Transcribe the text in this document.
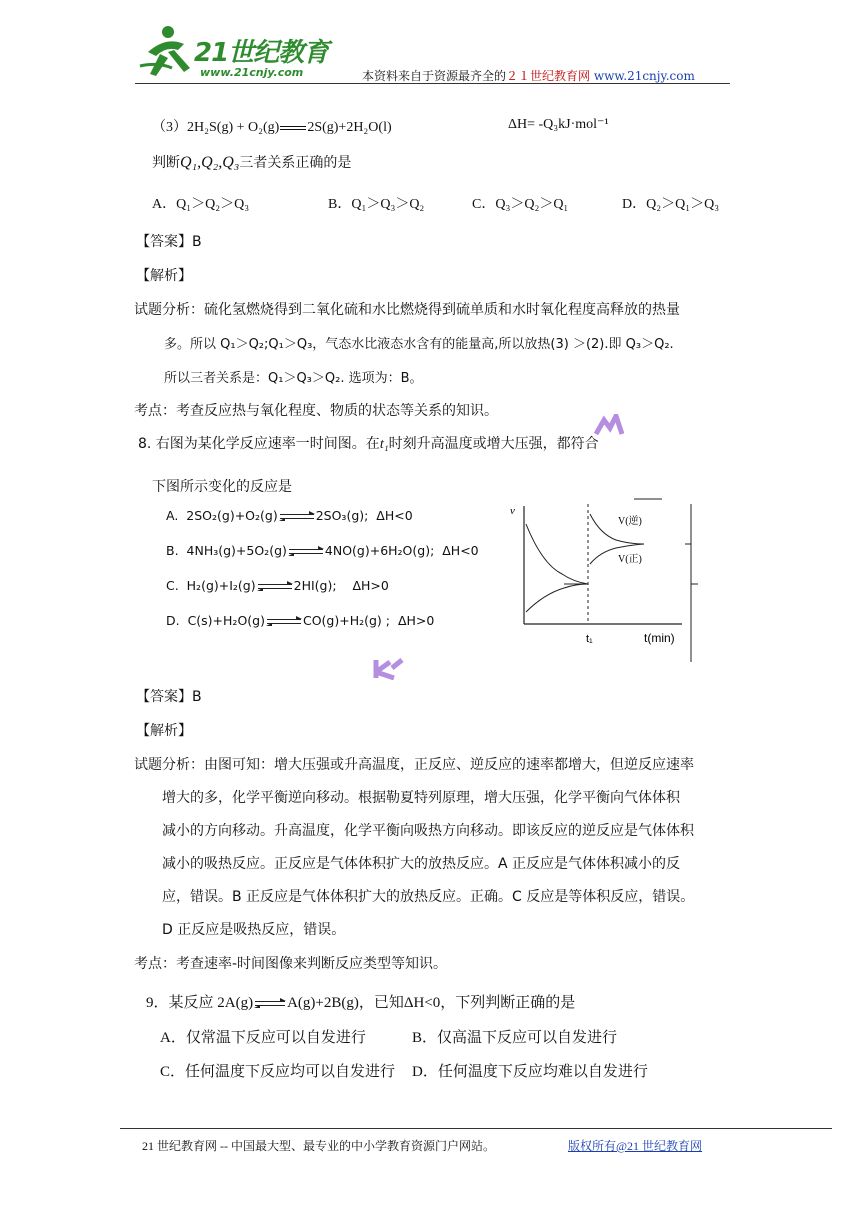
21世纪教育
www.21cnjy.com	本资料来自于资源最齐全的２１世纪教育网 www.21cnjy.com
（3）2H₂S(g) + O₂(g) 2S(g)+2H₂O(l)	ΔH= -Q₃kJ·mol⁻¹
判断Q₁,Q₂,Q₃三者关系正确的是
A．Q₁＞Q₂＞Q₃	B．Q₁＞Q₃＞Q₂	C．Q₃＞Q₂＞Q₁	D．Q₂＞Q₁＞Q₃
【答案】B
【解析】
试题分析：硫化氢燃烧得到二氧化硫和水比燃烧得到硫单质和水时氧化程度高释放的热量
多。所以 Q₁＞Q₂;Q₁＞Q₃，气态水比液态水含有的能量高,所以放热(3) ＞(2).即 Q₃＞Q₂.
所以三者关系是：Q₁＞Q₃＞Q₂. 选项为：B。
考点：考查反应热与氧化程度、物质的状态等关系的知识。
8. 右图为某化学反应速率一时间图。在t₁时刻升高温度或增大压强，都符合
下图所示变化的反应是
A. 2SO₂(g)+O₂(g)	2SO₃(g); ΔH<0
B. 4NH₃(g)+5O₂(g)	4NO(g)+6H₂O(g); ΔH<0
C. H₂(g)+I₂(g)	2HI(g); ΔH>0
D. C(s)+H₂O(g)	CO(g)+H₂(g) ; ΔH>0
v
V(逆)
V(正)
t₁	t(min)
【答案】B
【解析】
试题分析：由图可知：增大压强或升高温度，正反应、逆反应的速率都增大，但逆反应速率
增大的多，化学平衡逆向移动。根据勒夏特列原理，增大压强，化学平衡向气体体积
减小的方向移动。升高温度，化学平衡向吸热方向移动。即该反应的逆反应是气体体积
减小的吸热反应。正反应是气体体积扩大的放热反应。A 正反应是气体体积减小的反
应，错误。B 正反应是气体体积扩大的放热反应。正确。C 反应是等体积反应，错误。
D 正反应是吸热反应，错误。
考点：考查速率-时间图像来判断反应类型等知识。
9．某反应 2A(g) A(g)+2B(g)，已知ΔH<0，下列判断正确的是
A．仅常温下反应可以自发进行	B．仅高温下反应可以自发进行
C．任何温度下反应均可以自发进行 D．任何温度下反应均难以自发进行
21 世纪教育网 -- 中国最大型、最专业的中小学教育资源门户网站。	版权所有@21 世纪教育网
